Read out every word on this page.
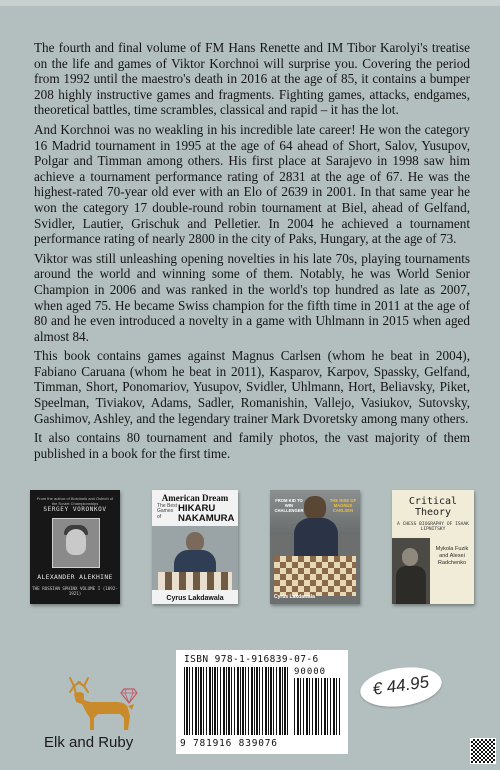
The fourth and final volume of FM Hans Renette and IM Tibor Karolyi's treatise on the life and games of Viktor Korchnoi will surprise you. Covering the period from 1992 until the maestro's death in 2016 at the age of 85, it contains a bumper 208 highly instructive games and fragments. Fighting games, attacks, endgames, theoretical battles, time scrambles, classical and rapid – it has the lot.

And Korchnoi was no weakling in his incredible late career! He won the category 16 Madrid tournament in 1995 at the age of 64 ahead of Short, Salov, Yusupov, Polgar and Timman among others. His first place at Sarajevo in 1998 saw him achieve a tournament performance rating of 2831 at the age of 67. He was the highest-rated 70-year old ever with an Elo of 2639 in 2001. In that same year he won the category 17 double-round robin tournament at Biel, ahead of Gelfand, Svidler, Lautier, Grischuk and Pelletier. In 2004 he achieved a tournament performance rating of nearly 2800 in the city of Paks, Hungary, at the age of 73.

Viktor was still unleashing opening novelties in his late 70s, playing tournaments around the world and winning some of them. Notably, he was World Senior Champion in 2006 and was ranked in the world's top hundred as late as 2007, when aged 75. He became Swiss champion for the fifth time in 2011 at the age of 80 and he even introduced a novelty in a game with Uhlmann in 2015 when aged almost 84.

This book contains games against Magnus Carlsen (whom he beat in 2004), Fabiano Caruana (whom he beat in 2011), Kasparov, Karpov, Spassky, Gelfand, Timman, Short, Ponomariov, Yusupov, Svidler, Uhlmann, Hort, Beliavsky, Piket, Speelman, Tiviakov, Adams, Sadler, Romanishin, Vallejo, Vasiukov, Sutovsky, Gashimov, Ashley, and the legendary trainer Mark Dvoretsky among many others.

It also contains 80 tournament and family photos, the vast majority of them published in a book for the first time.

From the author of Botvinnik and Ostrich of the Soviet Championships
SERGEY VORONKOV
ALEXANDER ALEKHINE
THE RUSSIAN SPHINX VOLUME I (1892-1921)
American Dream
The Best Games of
HIKARU NAKAMURA
Cyrus Lakdawala
FROM KID TO WIN CHALLENGER
THE RISE OF MAGNUS CARLSEN
Cyrus Lakdawala
Critical Theory
A CHESS BIOGRAPHY OF ISAAK LIPNITSKY
Mykola Fuzik and Alexei Radchenko
Elk and Ruby
ISBN 978-1-916839-07-6
90000
9 781916 839076
€ 44.95
